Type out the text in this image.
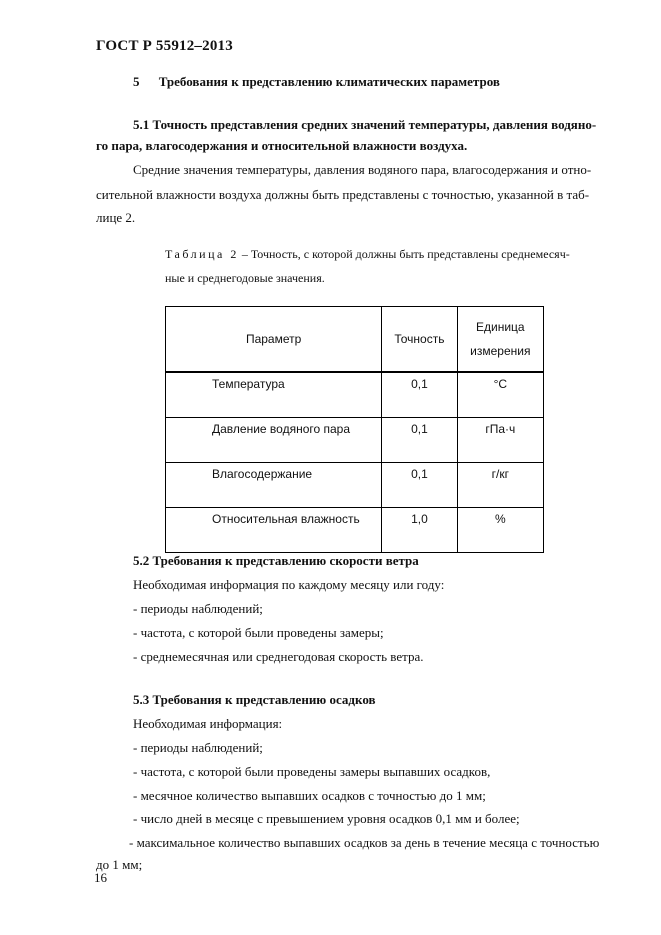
ГОСТ Р 55912–2013
5 Требования к представлению климатических параметров
5.1 Точность представления средних значений температуры, давления водяно-
го пара, влагосодержания и относительной влажности воздуха.
Средние значения температуры, давления водяного пара, влагосодержания и отно-
сительной влажности воздуха должны быть представлены с точностью, указанной в таб-
лице 2.
Таблица 2 – Точность, с которой должны быть представлены среднемесяч-
ные и среднегодовые значения.
Параметр	Точность	Единица
измерения

Температура	0,1	°C
Давление водяного пара	0,1	гПа·ч
Влагосодержание	0,1	г/кг
Относительная влажность	1,0	%
5.2 Требования к представлению скорости ветра
Необходимая информация по каждому месяцу или году:
- периоды наблюдений;
- частота, с которой были проведены замеры;
- среднемесячная или среднегодовая скорость ветра.
5.3 Требования к представлению осадков
Необходимая информация:
- периоды наблюдений;
- частота, с которой были проведены замеры выпавших осадков,
- месячное количество выпавших осадков с точностью до 1 мм;
- число дней в месяце с превышением уровня осадков 0,1 мм и более;
- максимальное количество выпавших осадков за день в течение месяца с точностью
до 1 мм;
16
